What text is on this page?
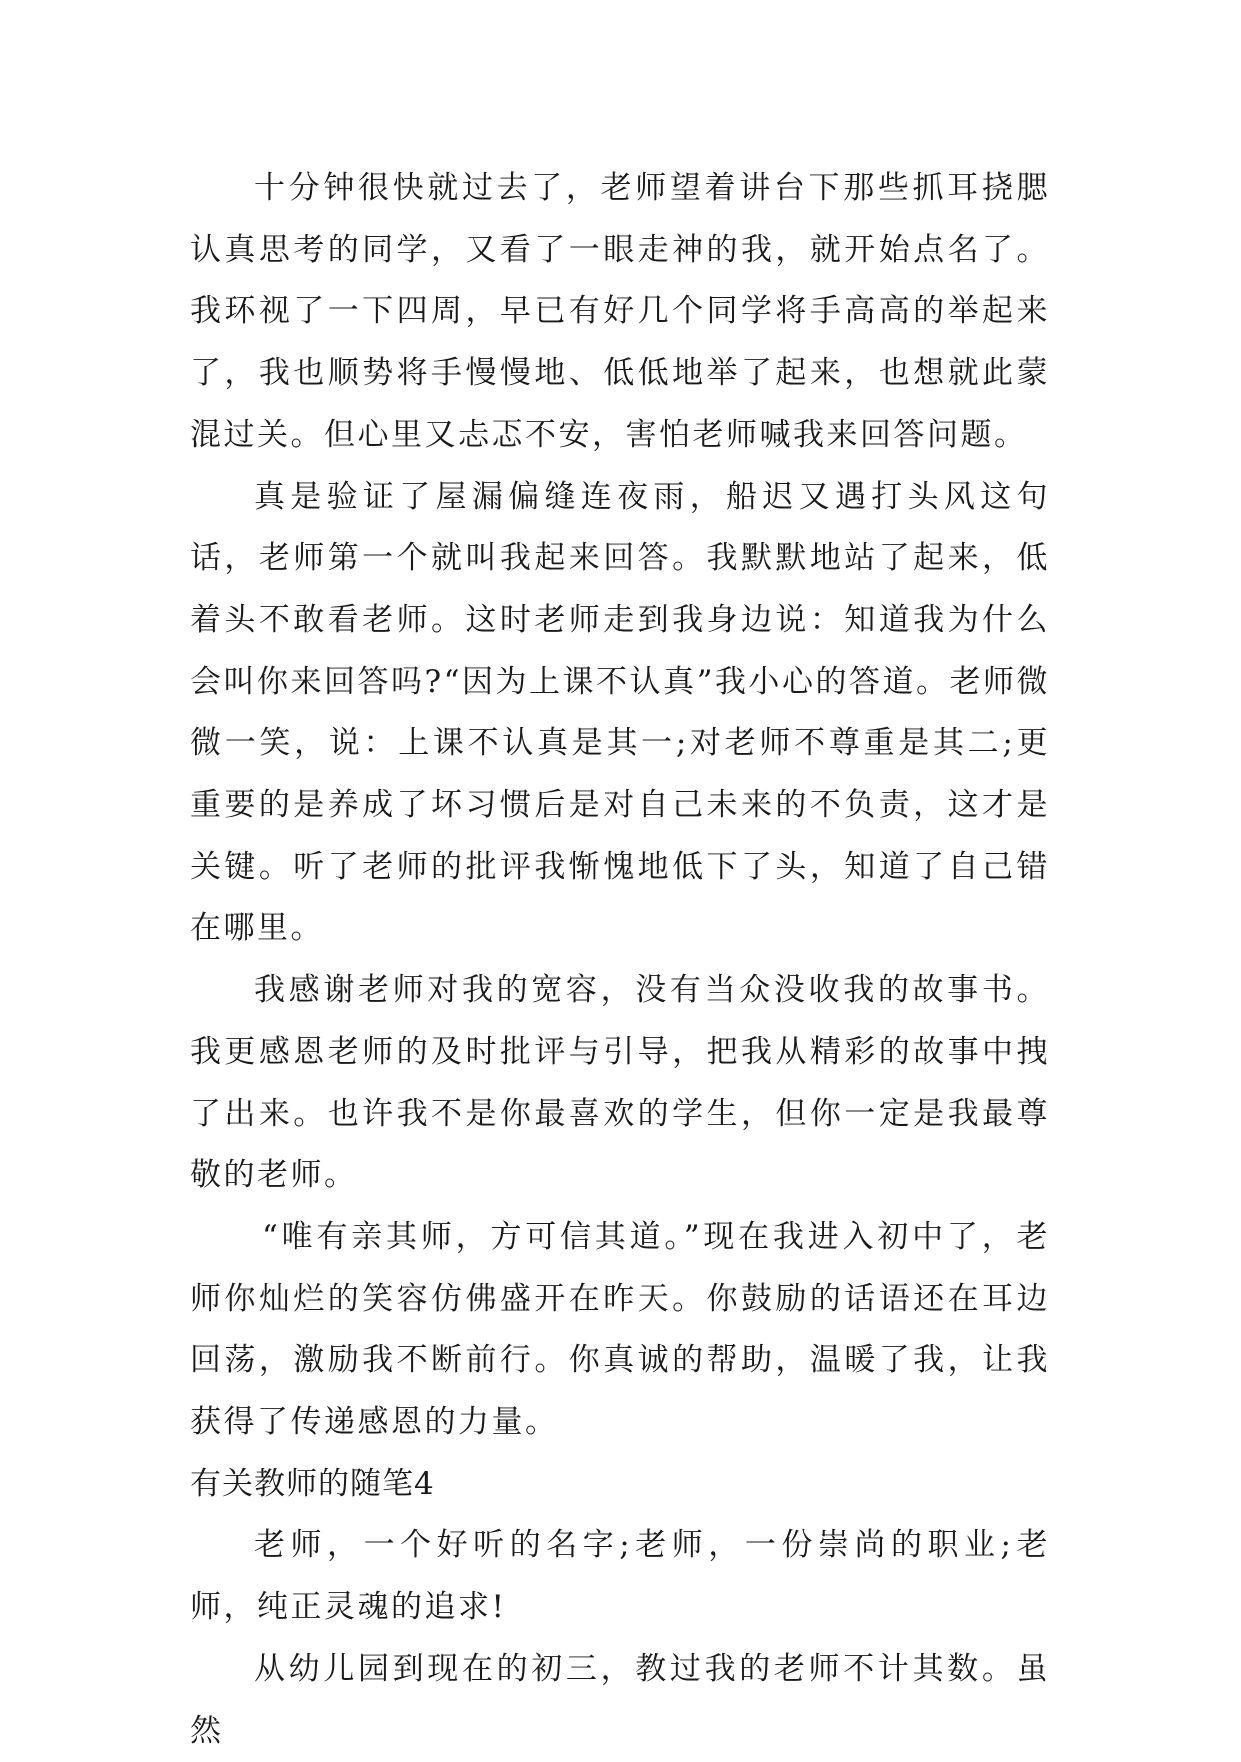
十分钟很快就过去了，老师望着讲台下那些抓耳挠腮认真思考的同学，又看了一眼走神的我，就开始点名了。我环视了一下四周，早已有好几个同学将手高高的举起来了，我也顺势将手慢慢地、低低地举了起来，也想就此蒙混过关。但心里又忐忑不安，害怕老师喊我来回答问题。

真是验证了屋漏偏缝连夜雨，船迟又遇打头风这句话，老师第一个就叫我起来回答。我默默地站了起来，低着头不敢看老师。这时老师走到我身边说：知道我为什么会叫你来回答吗?“因为上课不认真”我小心的答道。老师微微一笑，说：上课不认真是其一;对老师不尊重是其二;更重要的是养成了坏习惯后是对自己未来的不负责，这才是关键。听了老师的批评我惭愧地低下了头，知道了自己错在哪里。

我感谢老师对我的宽容，没有当众没收我的故事书。我更感恩老师的及时批评与引导，把我从精彩的故事中拽了出来。也许我不是你最喜欢的学生，但你一定是我最尊敬的老师。

“唯有亲其师，方可信其道。”现在我进入初中了，老师你灿烂的笑容仿佛盛开在昨天。你鼓励的话语还在耳边回荡，激励我不断前行。你真诚的帮助，温暖了我，让我获得了传递感恩的力量。

有关教师的随笔4

老师，一个好听的名字;老师，一份崇尚的职业;老师，纯正灵魂的追求!

从幼儿园到现在的初三，教过我的老师不计其数。虽然
